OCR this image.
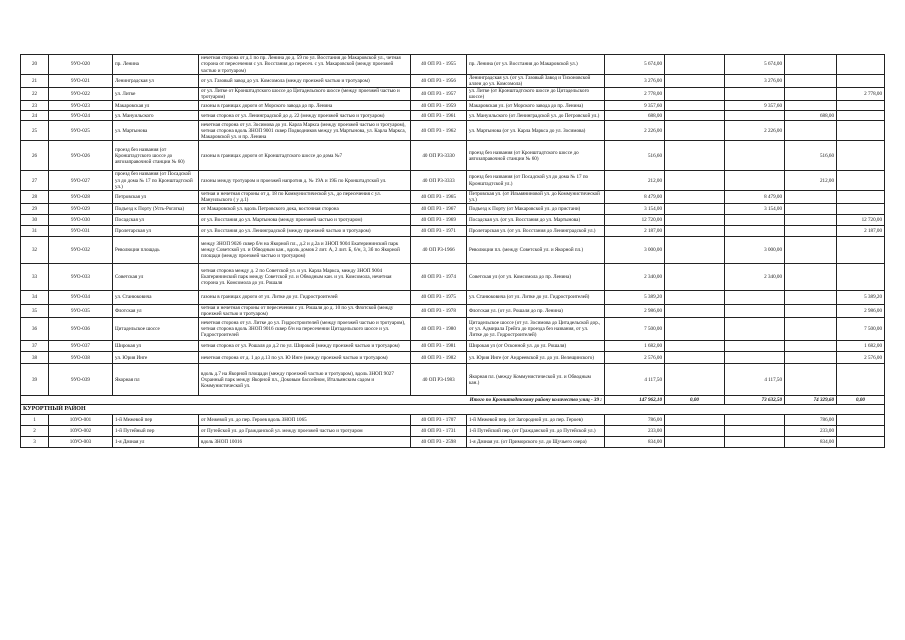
20	9УО-020	пр. Ленина	нечетная сторона от д.1 по пр. Ленина до д. 59 по ул. Восстания до Макаровской ул., четная сторона от пересечения с ул. Восстания до пересеч. с ул. Макаровской (между проезжей частью и тротуаром)	40 ОП Р3 - 1955	пр. Ленина (от ул. Восстания до Макаровской ул.)	5 674,00		5 674,00		
21	9УО-021	Ленинградская ул	от ул. Газовый завод до ул. Комсомола (между проезжей частью и тротуаром)	40 ОП Р3 - 1956	Ленинградская ул. (от ул. Газовый Завод и Тихоновской аллеи до ул. Комсомола)	3 276,00		3 276,00		
22	9УО-022	ул. Литке	от ул. Литке от Кронштадтского шоссе до Цитадельского шоссе (между проезжей частью и тротуаром)	40 ОП Р3 - 1957	ул. Литке (от Кронштадтского шоссе до Цитадельского шоссе)	2 778,00				2 778,00
23	9УО-023	Макаровская ул	газоны в границах дороги от Морского завода до пр. Ленина	40 ОП Р3 - 1959	Макаровская ул. (от Морского завода до пр. Ленина)	9 357,60		9 357,60		
24	9УО-024	ул. Мануильского	четная сторона от ул. Ленинградской до д. 22 (между проезжей частью и тротуаром)	40 ОП Р3 - 1961	ул. Мануильского (от Ленинградской ул. до Петровской ул.)	688,00			688,00	
25	9УО-025	ул. Мартынова	нечетная сторона от ул. Зосимова до ул. Карла Маркса (между проезжей частью и тротуаром), четная сторона вдоль ЗНОП 9001 сквер Подводников между ул.Мартынова, ул. Карла Маркса, Макаровской ул. и пр. Ленина	40 ОП Р3 - 1962	ул. Мартынова (от ул. Карла Маркса до ул. Зосимова)	2 226,00		2 226,00		
26	9УО-026	проезд без названия (от Кронштадтского шоссе до автозаправочной станции № 60)	газоны в границах дороги от Кронштадтского шоссе до дома №7	40 ОП Р3-3330	проезд без названия (от Кронштадтского шоссе до автозаправочной станции № 60)	516,60			516,60	
27	9УО-027	проезд без названия (от Посадской ул до дома № 17 по Кронштадтской ул.)	газоны между тротуаром и проезжей напротив д. № 19А и 19Б по Кронштадтской ул.	40 ОП Р3-3333	проезд без названия (от Посадской ул до дома № 17 по Кронштадтской ул.)	212,00			212,00	
28	9УО-028	Петровская ул	четная и нечетная стороны от д. 18 по Коммунистической ул., до пересечения с ул. Мануильского ( у д.1)	40 ОП Р3 - 1965	Петровская ул. (от Ильмяниновой ул. до Коммунистической ул.)	8 479,00		8 479,00		
29	9УО-029	Подъезд к Порту (Усть-Рогатка)	от Макаровской ул. вдоль Петровского дока, восточная сторона	40 ОП Р3 - 1967	Подъезд к Порту (от Макаровской ул. до пристани)	3 154,00		3 154,00		
30	9УО-030	Посадская ул	от ул. Восстания до ул. Мартынова (между проезжей частью и тротуаром)	40 ОП Р3 - 1969	Посадская ул. (от ул. Восстания до ул. Мартынова)	12 720,00				12 720,00
31	9УО-031	Пролетарская ул	от ул. Восстания до ул. Ленинградской (между проезжей частью и тротуаром)	40 ОП Р3 - 1971	Пролетарская ул. (от ул. Восстания до Ленинградской ул.)	2 187,00				2 187,00
32	9УО-032	Революции площадь	между ЗНОП 9026 сквер б/н на Якорной пл., д.2 и д.2а и ЗНОП 9004 Екатерининский парк между Советской ул. и Обводным кан., вдоль домов 2 лит. А, 2 лит. Б, 6/н, 3, 3б по Якорной площади (между проезжей частью и тротуаром)	40 ОП Р3-1966	Революции пл. (между Советской ул. и Якорной пл.)	3 000,00		3 000,00		
33	9УО-033	Советская ул	четная сторона между д. 2 по Советской ул. и ул. Карла Маркса, между ЗНОП 9004 Екатерининский парк между Советской ул. и Обводным кан. и ул. Комсомола, нечетная сторона ул. Комсомола до ул. Рошаля	40 ОП Р3 - 1974	Советская ул (от ул. Комсомола до пр. Ленина)	2 340,00		2 340,00		
34	9УО-034	ул. Станюковича	газоны в границах дороги от ул. Литке до ул. Гидростроителей	40 ОП Р3 - 1975	ул. Станюковича (от ул. Литке до ул. Гидростроителей)	5 389,20				5 389,20
35	9УО-035	Флотская ул	четная и нечетная стороны от пересечения с ул. Рошаля до д. 10 по ул. Флотской (между проезжей частью и тротуаром)	40 ОП Р3 - 1978	Флотская ул. (от ул. Рошаля до пр. Ленина)	2 986,00				2 986,00
36	9УО-036	Цитадельское шоссе	нечетная сторона от ул. Литке до ул. Гидростроителей (между проезжей частью и тротуаром), четная сторона вдоль ЗНОП 9016 сквер б/н на пересечении Цитадельского шоссе и ул. Гидростроителей	40 ОП Р3 - 1980	Цитадельское шоссе (от ул. Зосимова до Цитадельской дор., от ул. Адмирала Грейга до проезда без названия, от ул. Литке до ул. Гидростроителей)	7 500,00				7 500,00
37	9УО-037	Широкая ул	четная сторона от ул. Рошаля до д.2 по ул. Широкой (между проезжей частью и тротуаром)	40 ОП Р3 - 1981	Широкая ул (от Осконной ул. до ул. Рошаля)	1 682,00				1 682,00
38	9УО-038	ул. Юрия Инге	нечетная сторона от д. 1 до д.13 по ул. Ю Инге (между проезжей частью и тротуаром)	40 ОП Р3 - 1982	ул. Юрия Инге (от Андреевской ул. до ул. Велещинского)	2 576,00				2 576,00
39	9УО-039	Якорная пл	вдоль д.7 на Якорной площади (между проезжей частью и тротуаром), вдоль ЗНОП 9027 Охранный парк между Якорной пл., Доковым бассейном, Итальянским садом и Коммунистической ул.	40 ОП Р3-1983	Якорная пл. (между Коммунистической ул. и Обводным кан.)	4 117,50		4 117,50		
Итого по Кронштадтскому району количество улиц - 39 :						147 962,10	0,00	73 632,50	74 329,60	0,00
КУРОРТНЫЙ РАЙОН										
1	10УО-001	1-й Межевой пер	от Межевой ул. до пер. Героев вдоль ЗНОП 1065	40 ОП Р3 - 1707	1-й Межевой пер. (от Загородной ул. до пер. Героев)	786,00			786,00	
2	10УО-002	1-й Путейный пер	от Путейской ул. до Гражданской ул. между проезжей частью и тротуаром	40 ОП Р3 - 1731	1-й Путейский пер. (от Гражданской ул. до Путейской ул.)	233,00			233,00	
3	10УО-003	1-я Дачная ул	вдоль ЗНОП 10016	40 ОП Р3 - 2598	1-я Дачная ул. (от Приморского ул. до Щучьего озера)	834,00			834,00	
